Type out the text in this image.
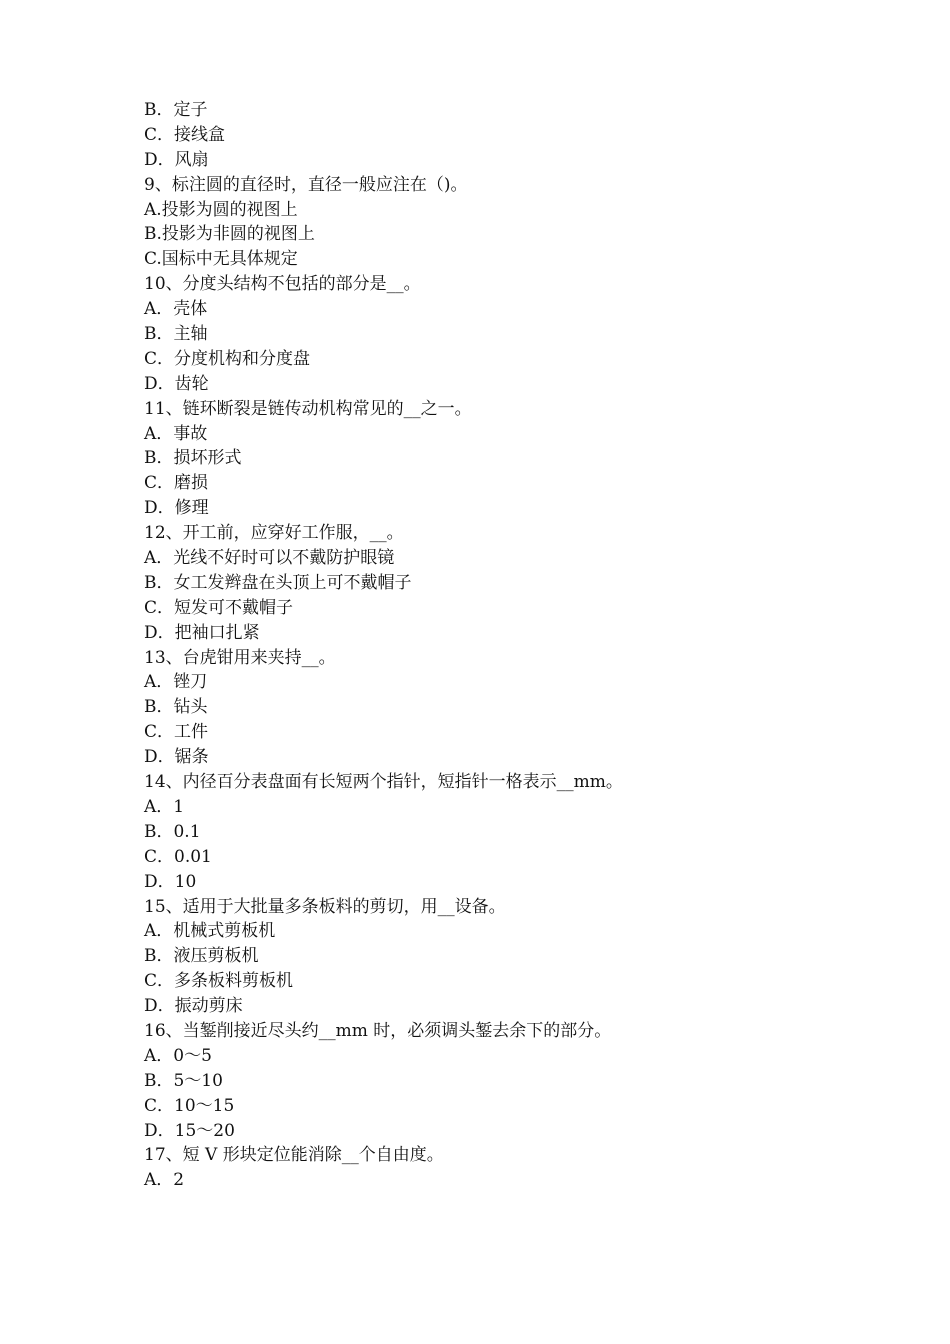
B．定子

C．接线盒

D．风扇

9、标注圆的直径时，直径一般应注在（)。

A.投影为圆的视图上

B.投影为非圆的视图上

C.国标中无具体规定

10、分度头结构不包括的部分是__。

A．壳体

B．主轴

C．分度机构和分度盘

D．齿轮

11、链环断裂是链传动机构常见的__之一。

A．事故

B．损坏形式

C．磨损

D．修理

12、开工前，应穿好工作服，__。

A．光线不好时可以不戴防护眼镜

B．女工发辫盘在头顶上可不戴帽子

C．短发可不戴帽子

D．把袖口扎紧

13、台虎钳用来夹持__。

A．锉刀

B．钻头

C．工件

D．锯条

14、内径百分表盘面有长短两个指针，短指针一格表示__mm。

A．1

B．0.1

C．0.01

D．10

15、适用于大批量多条板料的剪切，用__设备。

A．机械式剪板机

B．液压剪板机

C．多条板料剪板机

D．振动剪床

16、当錾削接近尽头约__mm 时，必须调头錾去余下的部分。

A．0～5

B．5～10

C．10～15

D．15～20

17、短 V 形块定位能消除__个自由度。

A．2
